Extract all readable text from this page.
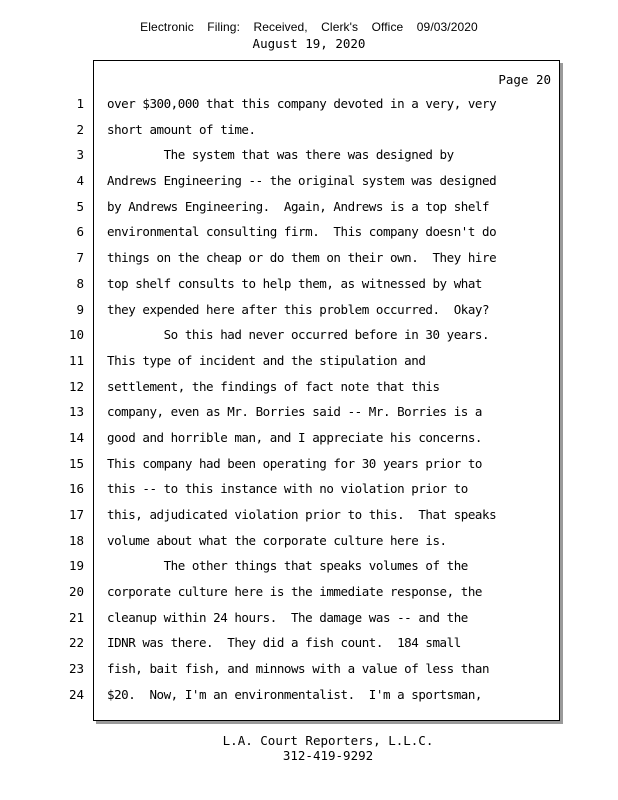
Electronic Filing: Received, Clerk's Office 09/03/2020
August 19, 2020
Page 20
1 over $300,000 that this company devoted in a very, very
2 short amount of time.
3 The system that was there was designed by
4 Andrews Engineering -- the original system was designed
5 by Andrews Engineering.  Again, Andrews is a top shelf
6 environmental consulting firm.  This company doesn't do
7 things on the cheap or do them on their own.  They hire
8 top shelf consults to help them, as witnessed by what
9 they expended here after this problem occurred.  Okay?
10 So this had never occurred before in 30 years.
11 This type of incident and the stipulation and
12 settlement, the findings of fact note that this
13 company, even as Mr. Borries said -- Mr. Borries is a
14 good and horrible man, and I appreciate his concerns.
15 This company had been operating for 30 years prior to
16 this -- to this instance with no violation prior to
17 this, adjudicated violation prior to this.  That speaks
18 volume about what the corporate culture here is.
19 The other things that speaks volumes of the
20 corporate culture here is the immediate response, the
21 cleanup within 24 hours.  The damage was -- and the
22 IDNR was there.  They did a fish count.  184 small
23 fish, bait fish, and minnows with a value of less than
24 $20.  Now, I'm an environmentalist.  I'm a sportsman,
L.A. Court Reporters, L.L.C.
312-419-9292
